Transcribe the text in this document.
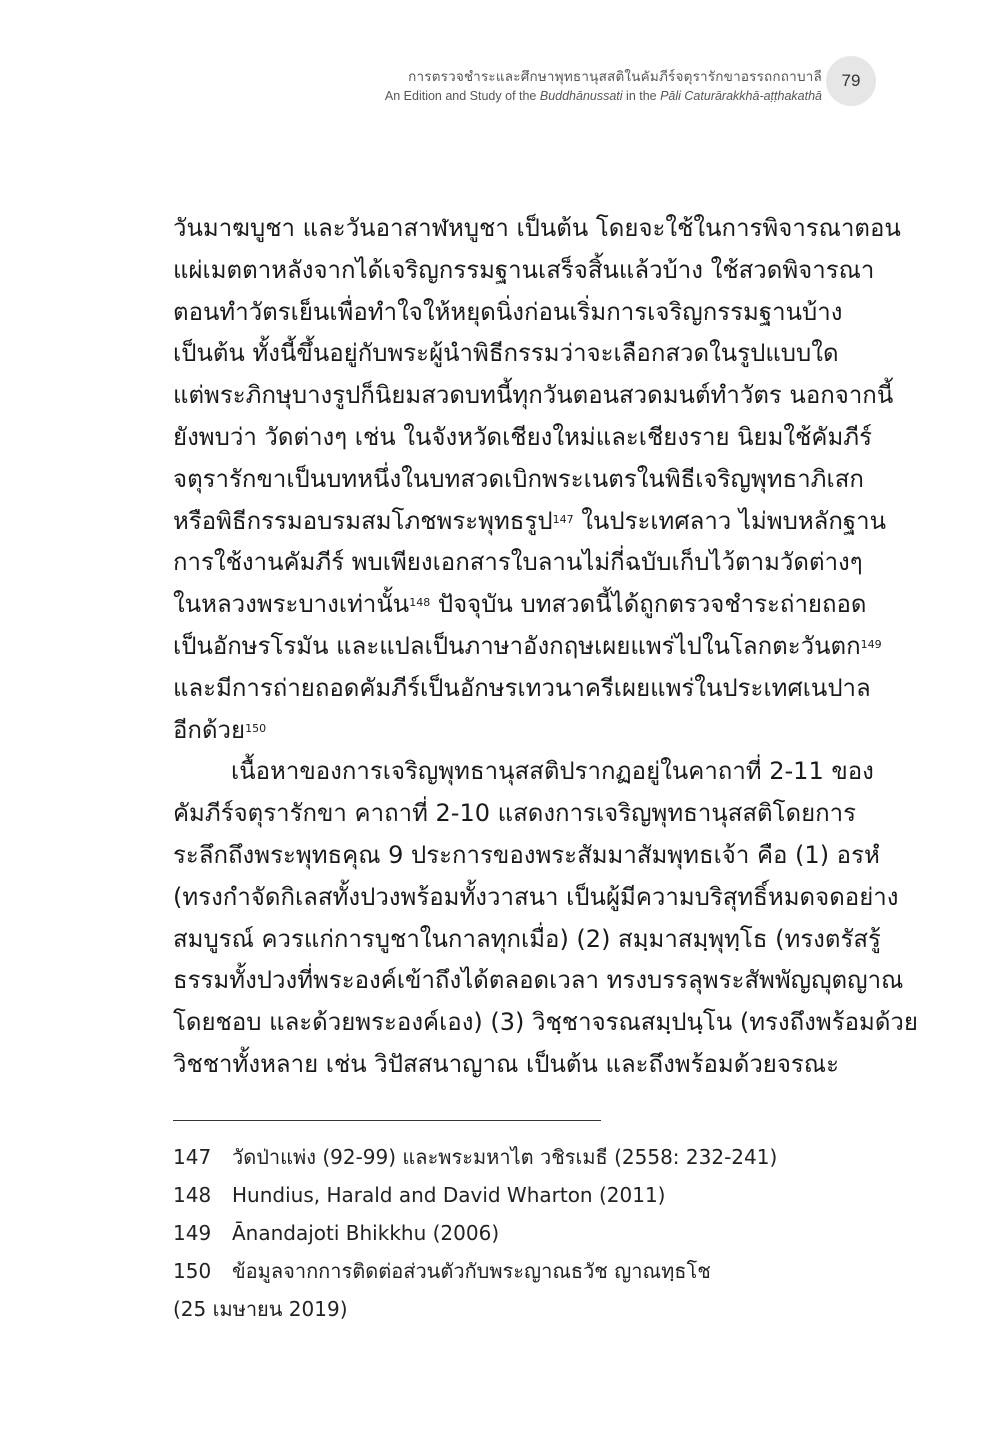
การตรวจชำระและศึกษาพุทธานุสสติในคัมภีร์จตุรารักขาอรรถกถาบาลี
An Edition and Study of the Buddhānussati in the Pāli Caturārakkhā-aṭṭhakathā
79

วันมาฆบูชา และวันอาสาฬหบูชา เป็นต้น โดยจะใช้ในการพิจารณาตอน
แผ่เมตตาหลังจากได้เจริญกรรมฐานเสร็จสิ้นแล้วบ้าง ใช้สวดพิจารณา
ตอนทำวัตรเย็นเพื่อทำใจให้หยุดนิ่งก่อนเริ่มการเจริญกรรมฐานบ้าง
เป็นต้น ทั้งนี้ขึ้นอยู่กับพระผู้นำพิธีกรรมว่าจะเลือกสวดในรูปแบบใด
แต่พระภิกษุบางรูปก็นิยมสวดบทนี้ทุกวันตอนสวดมนต์ทำวัตร นอกจากนี้
ยังพบว่า วัดต่างๆ เช่น ในจังหวัดเชียงใหม่และเชียงราย นิยมใช้คัมภีร์
จตุรารักขาเป็นบทหนึ่งในบทสวดเบิกพระเนตรในพิธีเจริญพุทธาภิเสก
หรือพิธีกรรมอบรมสมโภชพระพุทธรูป$^{147}$ ในประเทศลาว ไม่พบหลักฐาน
การใช้งานคัมภีร์ พบเพียงเอกสารใบลานไม่กี่ฉบับเก็บไว้ตามวัดต่างๆ
ในหลวงพระบางเท่านั้น$^{148}$ ปัจจุบัน บทสวดนี้ได้ถูกตรวจชำระถ่ายถอด
เป็นอักษรโรมัน และแปลเป็นภาษาอังกฤษเผยแพร่ไปในโลกตะวันตก$^{149}$
และมีการถ่ายถอดคัมภีร์เป็นอักษรเทวนาครีเผยแพร่ในประเทศเนปาล
อีกด้วย$^{150}$

เนื้อหาของการเจริญพุทธานุสสติปรากฏอยู่ในคาถาที่ 2-11 ของ
คัมภีร์จตุรารักขา คาถาที่ 2-10 แสดงการเจริญพุทธานุสสติโดยการ
ระลึกถึงพระพุทธคุณ 9 ประการของพระสัมมาสัมพุทธเจ้า คือ (1) อรหํ
(ทรงกำจัดกิเลสทั้งปวงพร้อมทั้งวาสนา เป็นผู้มีความบริสุทธิ์หมดจดอย่าง
สมบูรณ์ ควรแก่การบูชาในกาลทุกเมื่อ) (2) สมฺมาสมฺพุทฺโธ (ทรงตรัสรู้
ธรรมทั้งปวงที่พระองค์เข้าถึงได้ตลอดเวลา ทรงบรรลุพระสัพพัญญุตญาณ
โดยชอบ และด้วยพระองค์เอง) (3) วิชฺชาจรณสมฺปนฺโน (ทรงถึงพร้อมด้วย
วิชชาทั้งหลาย เช่น วิปัสสนาญาณ เป็นต้น และถึงพร้อมด้วยจรณะ

147	วัดป่าแพ่ง (92-99) และพระมหาไต วชิรเมธี (2558: 232-241)
148	Hundius, Harald and David Wharton (2011)
149	Ānandajoti Bhikkhu (2006)
150	ข้อมูลจากการติดต่อส่วนตัวกับพระญาณธวัช ญาณทฺธโช
(25 เมษายน 2019)
